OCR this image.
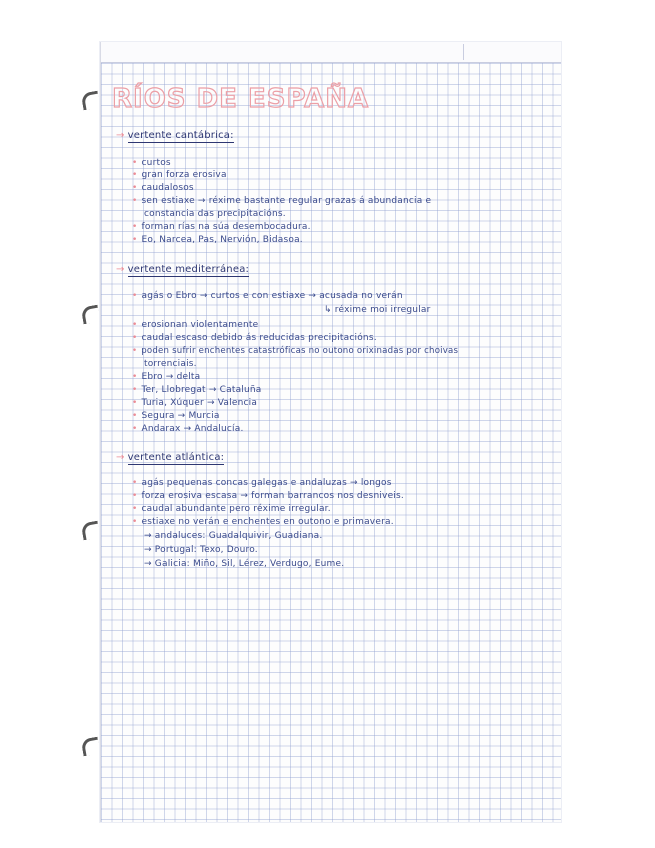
RÍOS DE ESPAÑA
→ vertente cantábrica:
• curtos
• gran forza erosiva
• caudalosos
• sen estiaxe → réxime bastante regular grazas á abundancia e
constancia das precipitacións.
• forman rías na súa desembocadura.
• Eo, Narcea, Pas, Nervión, Bidasoa.
→ vertente mediterránea:
• agás o Ebro → curtos e con estiaxe → acusada no verán
↳ réxime moi irregular
• erosionan violentamente
• caudal escaso debido ás reducidas precipitacións.
• poden sufrir enchentes catastróficas no outono orixinadas por choivas
torrenciais.
• Ebro → delta
• Ter, Llobregat → Cataluña
• Turia, Xúquer → Valencia
• Segura → Murcia
• Andarax → Andalucía.
→ vertente atlántica:
• agás pequenas concas galegas e andaluzas → longos
• forza erosiva escasa → forman barrancos nos desniveis.
• caudal abundante pero réxime irregular.
• estiaxe no verán e enchentes en outono e primavera.
→ andaluces: Guadalquivir, Guadiana.
→ Portugal: Texo, Douro.
→ Galicia: Miño, Sil, Lérez, Verdugo, Eume.
